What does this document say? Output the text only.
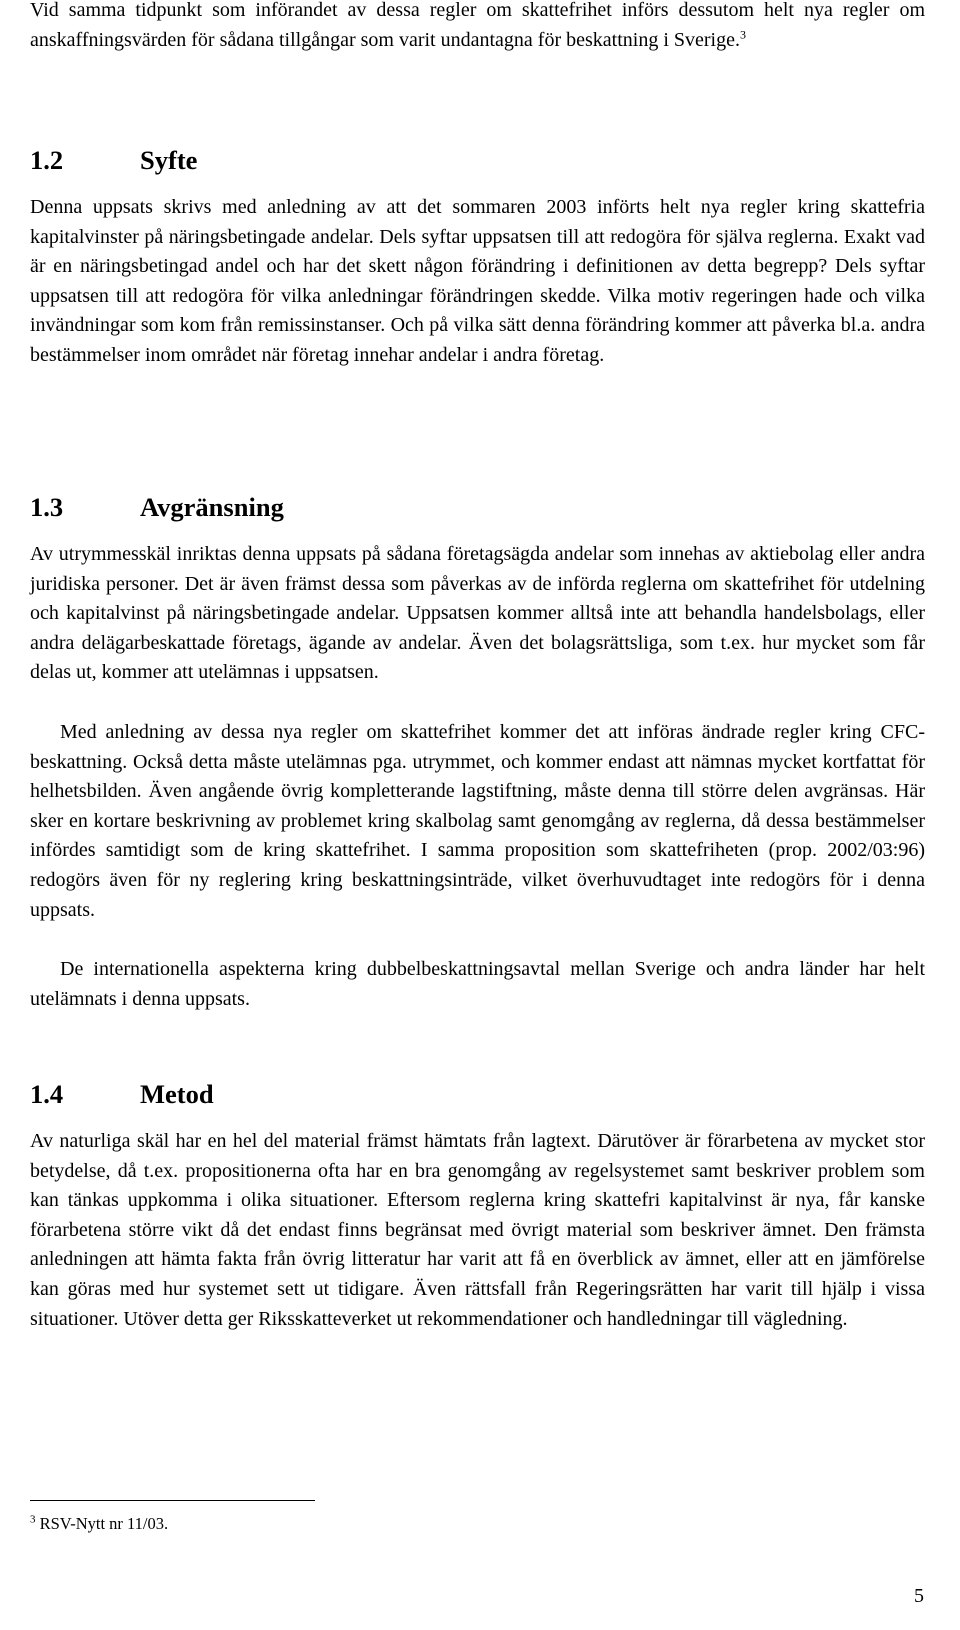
Vid samma tidpunkt som införandet av dessa regler om skattefrihet införs dessutom helt nya regler om anskaffningsvärden för sådana tillgångar som varit undantagna för beskattning i Sverige.$^3$

1.2	Syfte

Denna uppsats skrivs med anledning av att det sommaren 2003 införts helt nya regler kring skattefria kapitalvinster på näringsbetingade andelar. Dels syftar uppsatsen till att redogöra för själva reglerna. Exakt vad är en näringsbetingad andel och har det skett någon förändring i definitionen av detta begrepp? Dels syftar uppsatsen till att redogöra för vilka anledningar förändringen skedde. Vilka motiv regeringen hade och vilka invändningar som kom från remissinstanser. Och på vilka sätt denna förändring kommer att påverka bl.a. andra bestämmelser inom området när företag innehar andelar i andra företag.

1.3	Avgränsning

Av utrymmesskäl inriktas denna uppsats på sådana företagsägda andelar som innehas av aktiebolag eller andra juridiska personer. Det är även främst dessa som påverkas av de införda reglerna om skattefrihet för utdelning och kapitalvinst på näringsbetingade andelar. Uppsatsen kommer alltså inte att behandla handelsbolags, eller andra delägarbeskattade företags, ägande av andelar. Även det bolagsrättsliga, som t.ex. hur mycket som får delas ut, kommer att utelämnas i uppsatsen.

Med anledning av dessa nya regler om skattefrihet kommer det att införas ändrade regler kring CFC-beskattning. Också detta måste utelämnas pga. utrymmet, och kommer endast att nämnas mycket kortfattat för helhetsbilden. Även angående övrig kompletterande lagstiftning, måste denna till större delen avgränsas. Här sker en kortare beskrivning av problemet kring skalbolag samt genomgång av reglerna, då dessa bestämmelser infördes samtidigt som de kring skattefrihet. I samma proposition som skattefriheten (prop. 2002/03:96) redogörs även för ny reglering kring beskattningsinträde, vilket överhuvudtaget inte redogörs för i denna uppsats.

De internationella aspekterna kring dubbelbeskattningsavtal mellan Sverige och andra länder har helt utelämnats i denna uppsats.

1.4	Metod

Av naturliga skäl har en hel del material främst hämtats från lagtext. Därutöver är förarbetena av mycket stor betydelse, då t.ex. propositionerna ofta har en bra genomgång av regelsystemet samt beskriver problem som kan tänkas uppkomma i olika situationer. Eftersom reglerna kring skattefri kapitalvinst är nya, får kanske förarbetena större vikt då det endast finns begränsat med övrigt material som beskriver ämnet. Den främsta anledningen att hämta fakta från övrig litteratur har varit att få en överblick av ämnet, eller att en jämförelse kan göras med hur systemet sett ut tidigare. Även rättsfall från Regeringsrätten har varit till hjälp i vissa situationer. Utöver detta ger Riksskatteverket ut rekommendationer och handledningar till vägledning.

$^3$ RSV-Nytt nr 11/03.
5
